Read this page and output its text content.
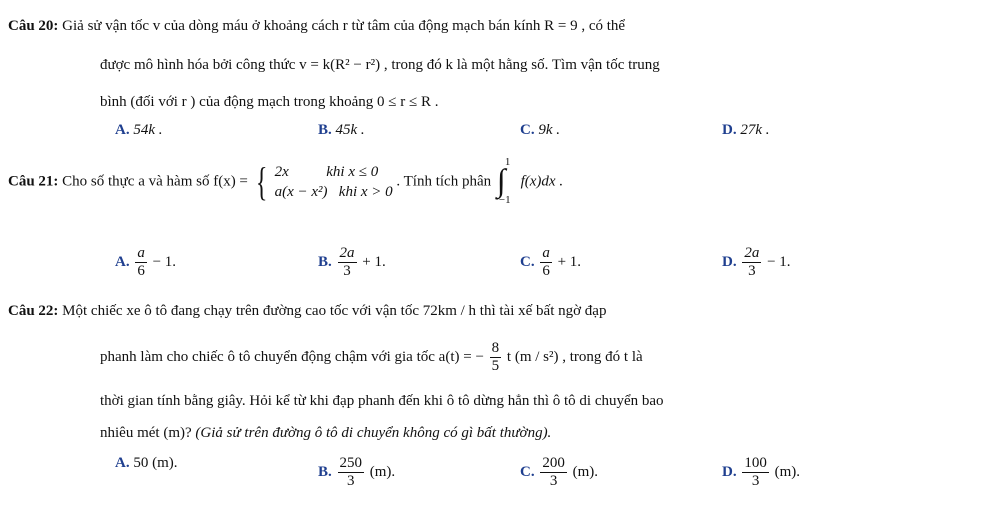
Câu 20: Giả sử vận tốc v của dòng máu ở khoảng cách r từ tâm của động mạch bán kính R = 9 , có thể
được mô hình hóa bởi công thức v = k(R² − r²) , trong đó k là một hằng số. Tìm vận tốc trung
bình (đối với r ) của động mạch trong khoảng 0 ≤ r ≤ R .
A. 54k .	B. 45k .	C. 9k .	D. 27k .
Câu 21: Cho số thực a và hàm số f(x) = { 2x          khi x ≤ 0
a(x − x²)   khi x > 0
. Tính tích phân ∫ 1
−1
f(x)dx .
A. $\frac{a}{6} - 1$.	B. $\frac{2a}{3} + 1$.	C. $\frac{a}{6} + 1$.	D. $\frac{2a}{3} - 1$.
Câu 22: Một chiếc xe ô tô đang chạy trên đường cao tốc với vận tốc 72km / h thì tài xế bất ngờ đạp
phanh làm cho chiếc ô tô chuyển động chậm với gia tốc a(t) = − $\frac{8}{5}$ t (m / s²) , trong đó t là
thời gian tính bằng giây. Hỏi kể từ khi đạp phanh đến khi ô tô dừng hẳn thì ô tô di chuyển bao
nhiêu mét (m)? (Giả sử trên đường ô tô di chuyển không có gì bất thường).
A. 50 (m).
B. $\frac{250}{3} (m)$.	C. $\frac{200}{3} (m)$.	D. $\frac{100}{3} (m)$.
